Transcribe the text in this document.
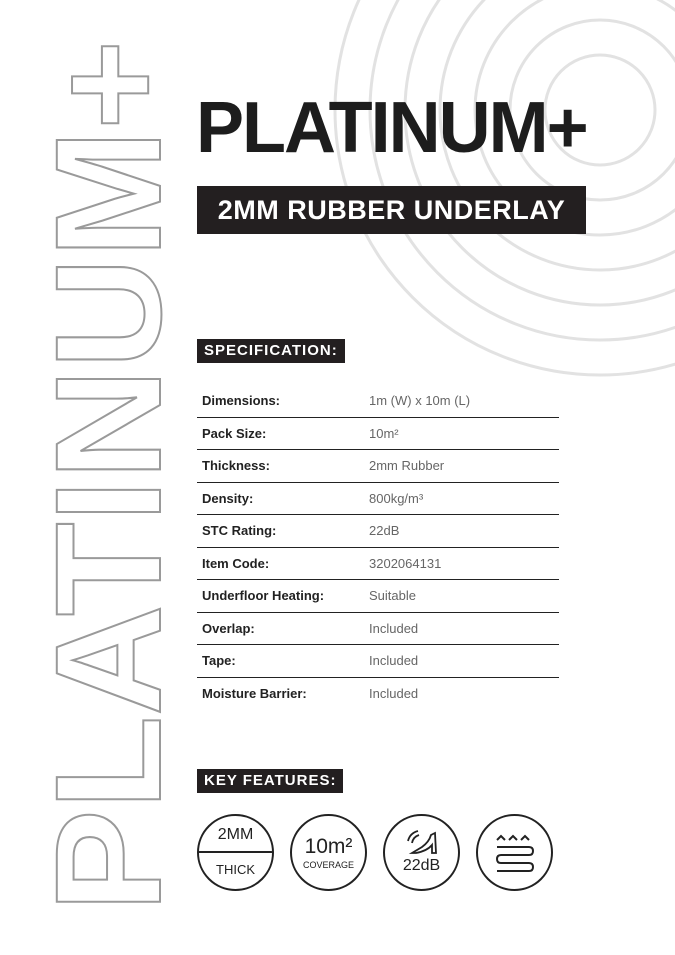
PLATINUM+ PLATINUM+
2MM RUBBER UNDERLAY
SPECIFICATION:
Dimensions:	1m (W) x 10m (L)
Pack Size:	10m²
Thickness:	2mm Rubber
Density:	800kg/m³
STC Rating:	22dB
Item Code:	3202064131
Underfloor Heating:	Suitable
Overlap:	Included
Tape:	Included
Moisture Barrier:	Included
KEY FEATURES:
2MM
THICK
10m²
COVERAGE	22dB
